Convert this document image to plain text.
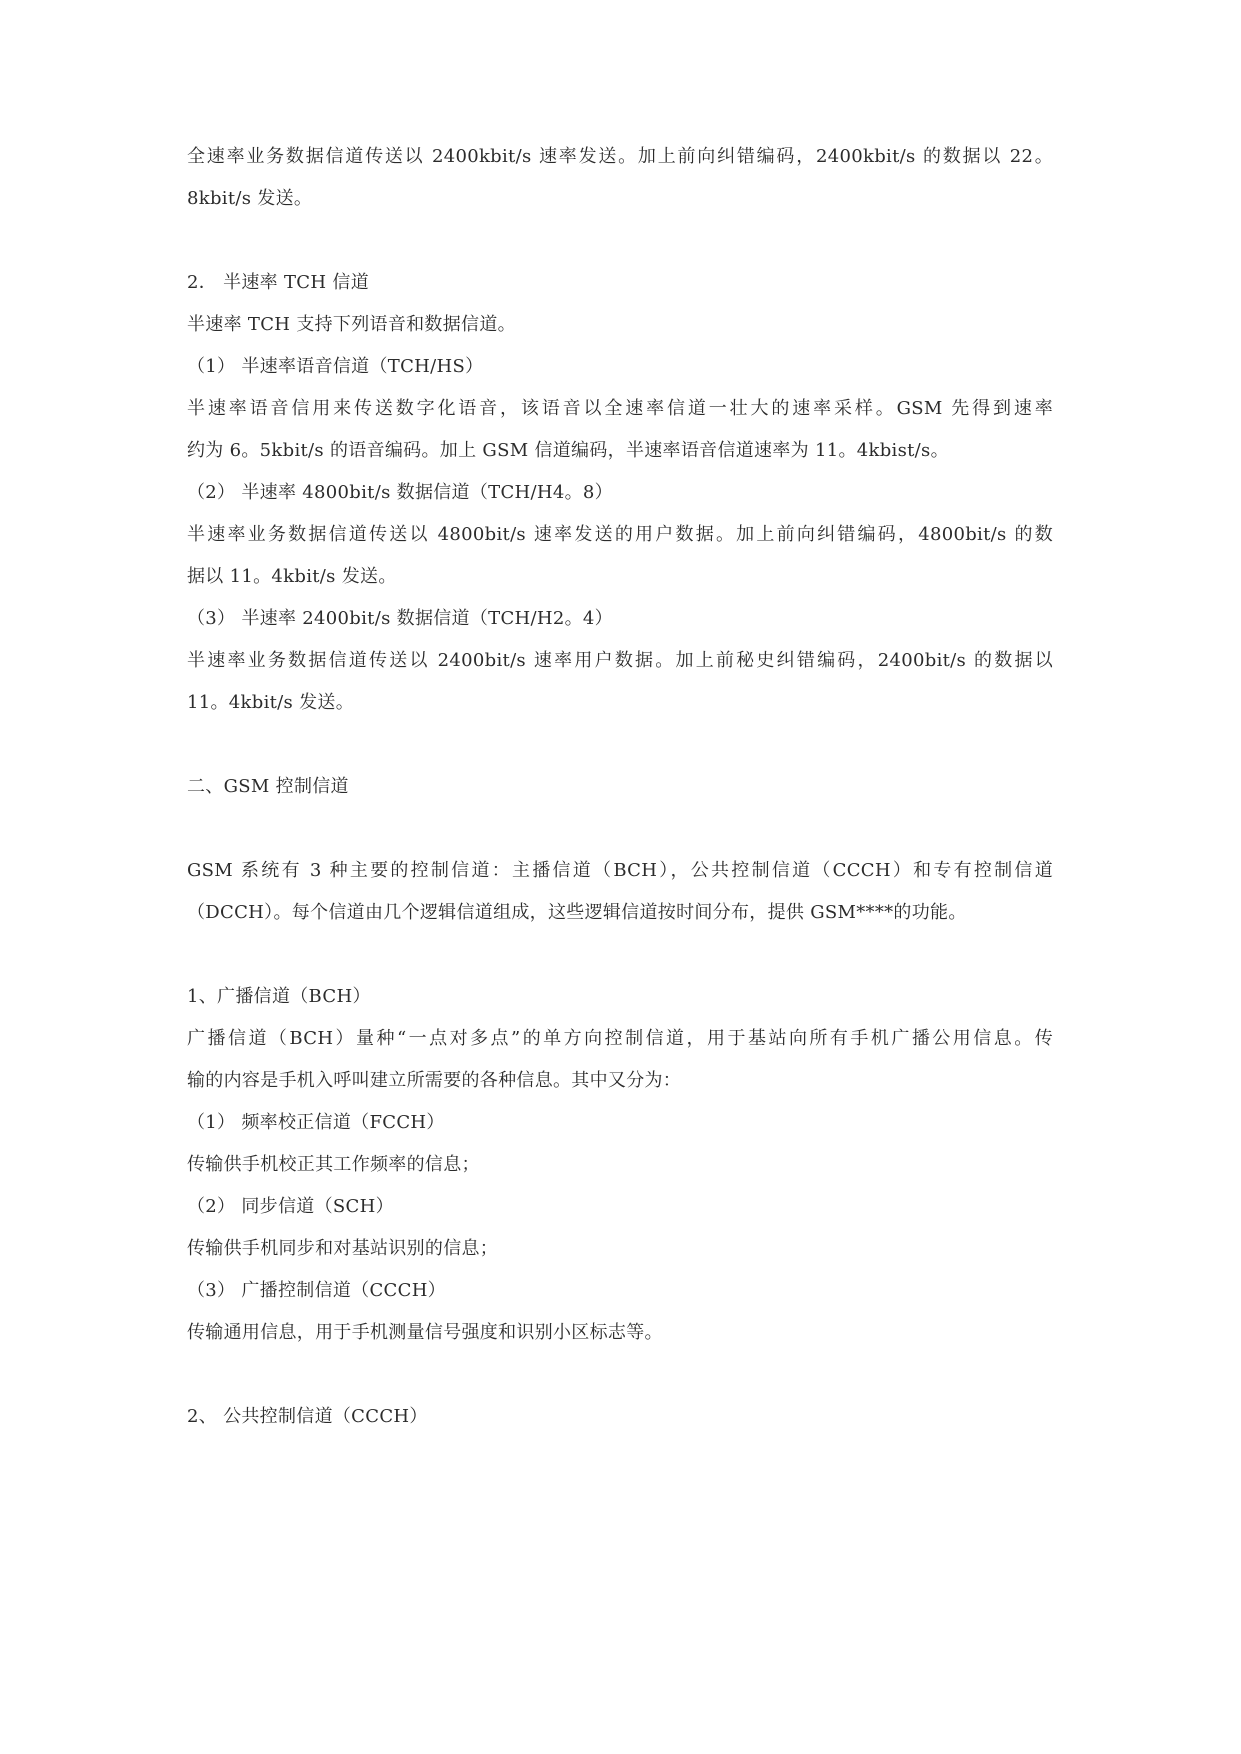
全速率业务数据信道传送以 2400kbit/s 速率发送。加上前向纠错编码，2400kbit/s 的数据以 22。
8kbit/s 发送。
2． 半速率 TCH 信道
半速率 TCH 支持下列语音和数据信道。
（1） 半速率语音信道（TCH/HS）
半速率语音信用来传送数字化语音，该语音以全速率信道一壮大的速率采样。GSM 先得到速率
约为 6。5kbit/s 的语音编码。加上 GSM 信道编码，半速率语音信道速率为 11。4kbist/s。
（2） 半速率 4800bit/s 数据信道（TCH/H4。8）
半速率业务数据信道传送以 4800bit/s 速率发送的用户数据。加上前向纠错编码，4800bit/s 的数
据以 11。4kbit/s 发送。
（3） 半速率 2400bit/s 数据信道（TCH/H2。4）
半速率业务数据信道传送以 2400bit/s 速率用户数据。加上前秘史纠错编码，2400bit/s 的数据以
11。4kbit/s 发送。
二、GSM 控制信道
GSM 系统有 3 种主要的控制信道：主播信道（BCH），公共控制信道（CCCH）和专有控制信道
（DCCH）。每个信道由几个逻辑信道组成，这些逻辑信道按时间分布，提供 GSM****的功能。
1、广播信道（BCH）
广播信道（BCH）量种“一点对多点”的单方向控制信道，用于基站向所有手机广播公用信息。传
输的内容是手机入呼叫建立所需要的各种信息。其中又分为：
（1） 频率校正信道（FCCH）
传输供手机校正其工作频率的信息；
（2） 同步信道（SCH）
传输供手机同步和对基站识别的信息；
（3） 广播控制信道（CCCH）
传输通用信息，用于手机测量信号强度和识别小区标志等。
2、 公共控制信道（CCCH）
